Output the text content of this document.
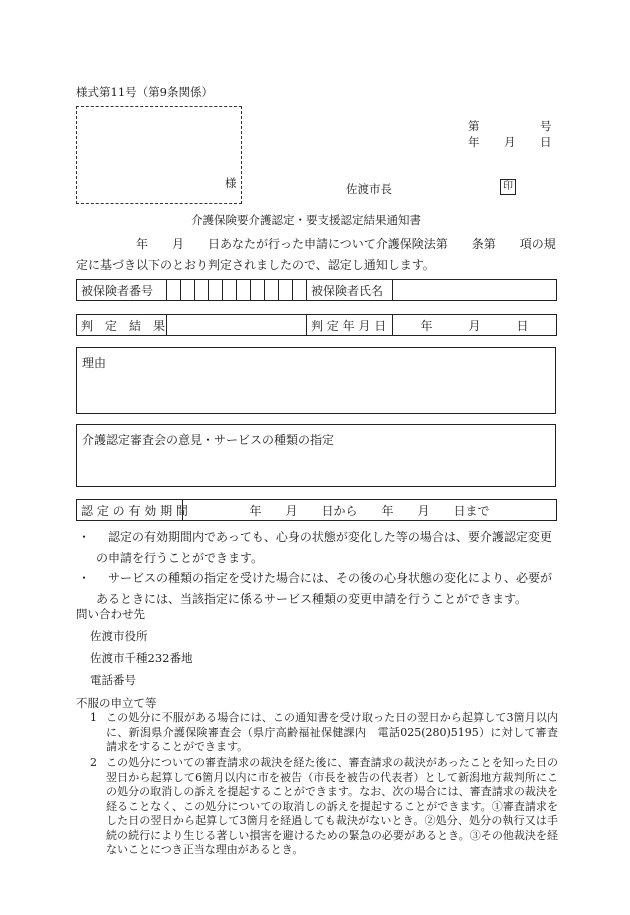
様式第11号（第9条関係）
様
第	号
年 月 日
佐渡市長	印
介護保険要介護認定・要支援認定結果通知書
年　　月　　日あなたが行った申請について介護保険法第　　条第　　項の規
定に基づき以下のとおり判定されましたので、認定し通知します。
被保険者番号											被保険者氏名	
判　定　結　果		判 定 年 月 日	年　　　月　　　日
理由
介護認定審査会の意見・サービスの種類の指定
認 定 の 有 効 期 間	年　　月　　日から　　年　　月　　日まで
・ 　認定の有効期間内であっても、心身の状態が変化した等の場合は、要介護認定変更の申請を行うことができます。
・ 　サービスの種類の指定を受けた場合には、その後の心身状態の変化により、必要があるときには、当該指定に係るサービス種類の変更申請を行うことができます。
問い合わせ先
佐渡市役所
佐渡市千種232番地
電話番号
不服の申立て等
1 この処分に不服がある場合には、この通知書を受け取った日の翌日から起算して3箇月以内に、新潟県介護保険審査会（県庁高齢福祉保健課内　電話025(280)5195）に対して審査請求をすることができます。
2 この処分についての審査請求の裁決を経た後に、審査請求の裁決があったことを知った日の翌日から起算して6箇月以内に市を被告（市長を被告の代表者）として新潟地方裁判所にこの処分の取消しの訴えを提起することができます。なお、次の場合には、審査請求の裁決を経ることなく、この処分についての取消しの訴えを提起することができます。①審査請求をした日の翌日から起算して3箇月を経過しても裁決がないとき。②処分、処分の執行又は手続の続行により生じる著しい損害を避けるための緊急の必要があるとき。③その他裁決を経ないことにつき正当な理由があるとき。
